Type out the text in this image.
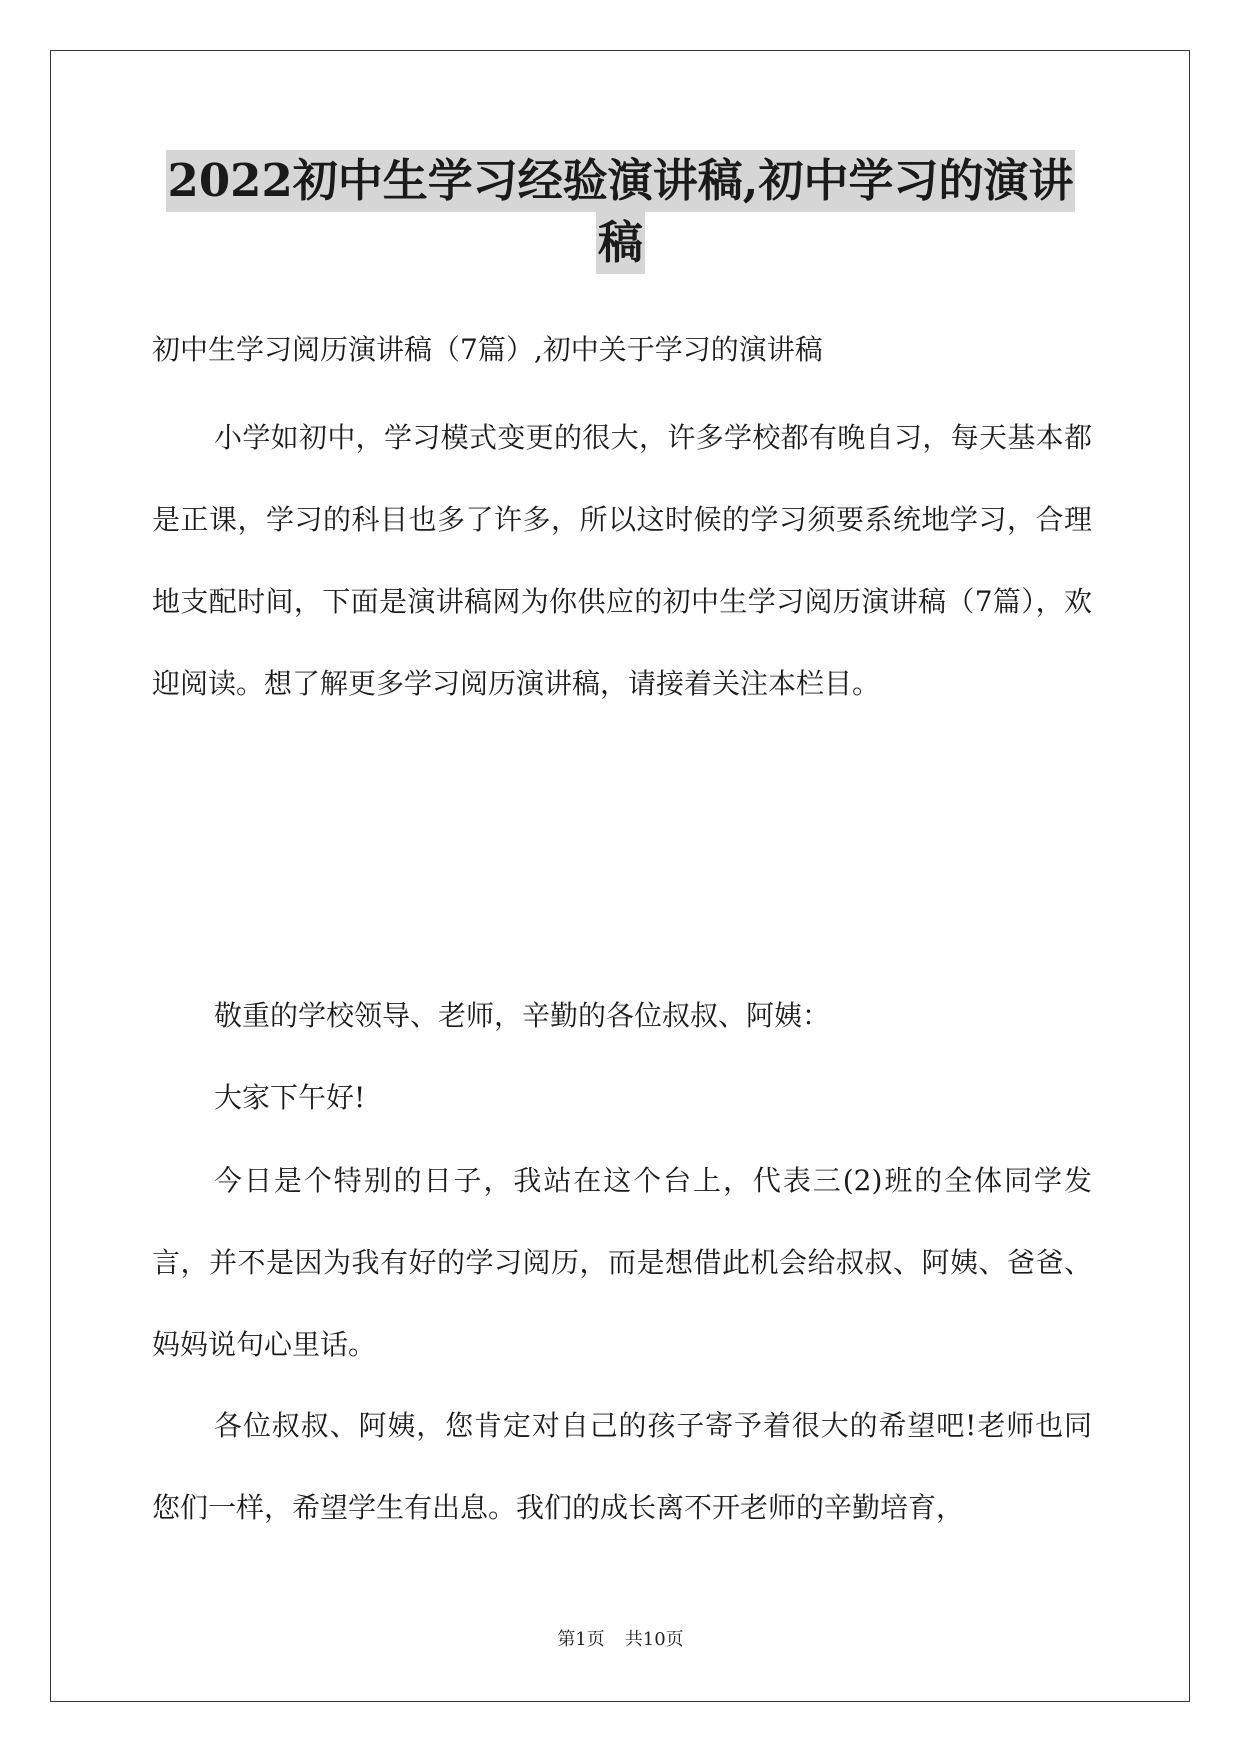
2022初中生学习经验演讲稿,初中学习的演讲
稿
初中生学习阅历演讲稿（7篇）,初中关于学习的演讲稿

小学如初中，学习模式变更的很大，许多学校都有晚自习，每天基本都是正课，学习的科目也多了许多，所以这时候的学习须要系统地学习，合理地支配时间，下面是演讲稿网为你供应的初中生学习阅历演讲稿（7篇），欢迎阅读。想了解更多学习阅历演讲稿，请接着关注本栏目。

敬重的学校领导、老师，辛勤的各位叔叔、阿姨：

大家下午好!

今日是个特别的日子，我站在这个台上，代表三(2)班的全体同学发言，并不是因为我有好的学习阅历，而是想借此机会给叔叔、阿姨、爸爸、妈妈说句心里话。

各位叔叔、阿姨，您肯定对自己的孩子寄予着很大的希望吧!老师也同您们一样，希望学生有出息。我们的成长离不开老师的辛勤培育，

第1页 共10页
